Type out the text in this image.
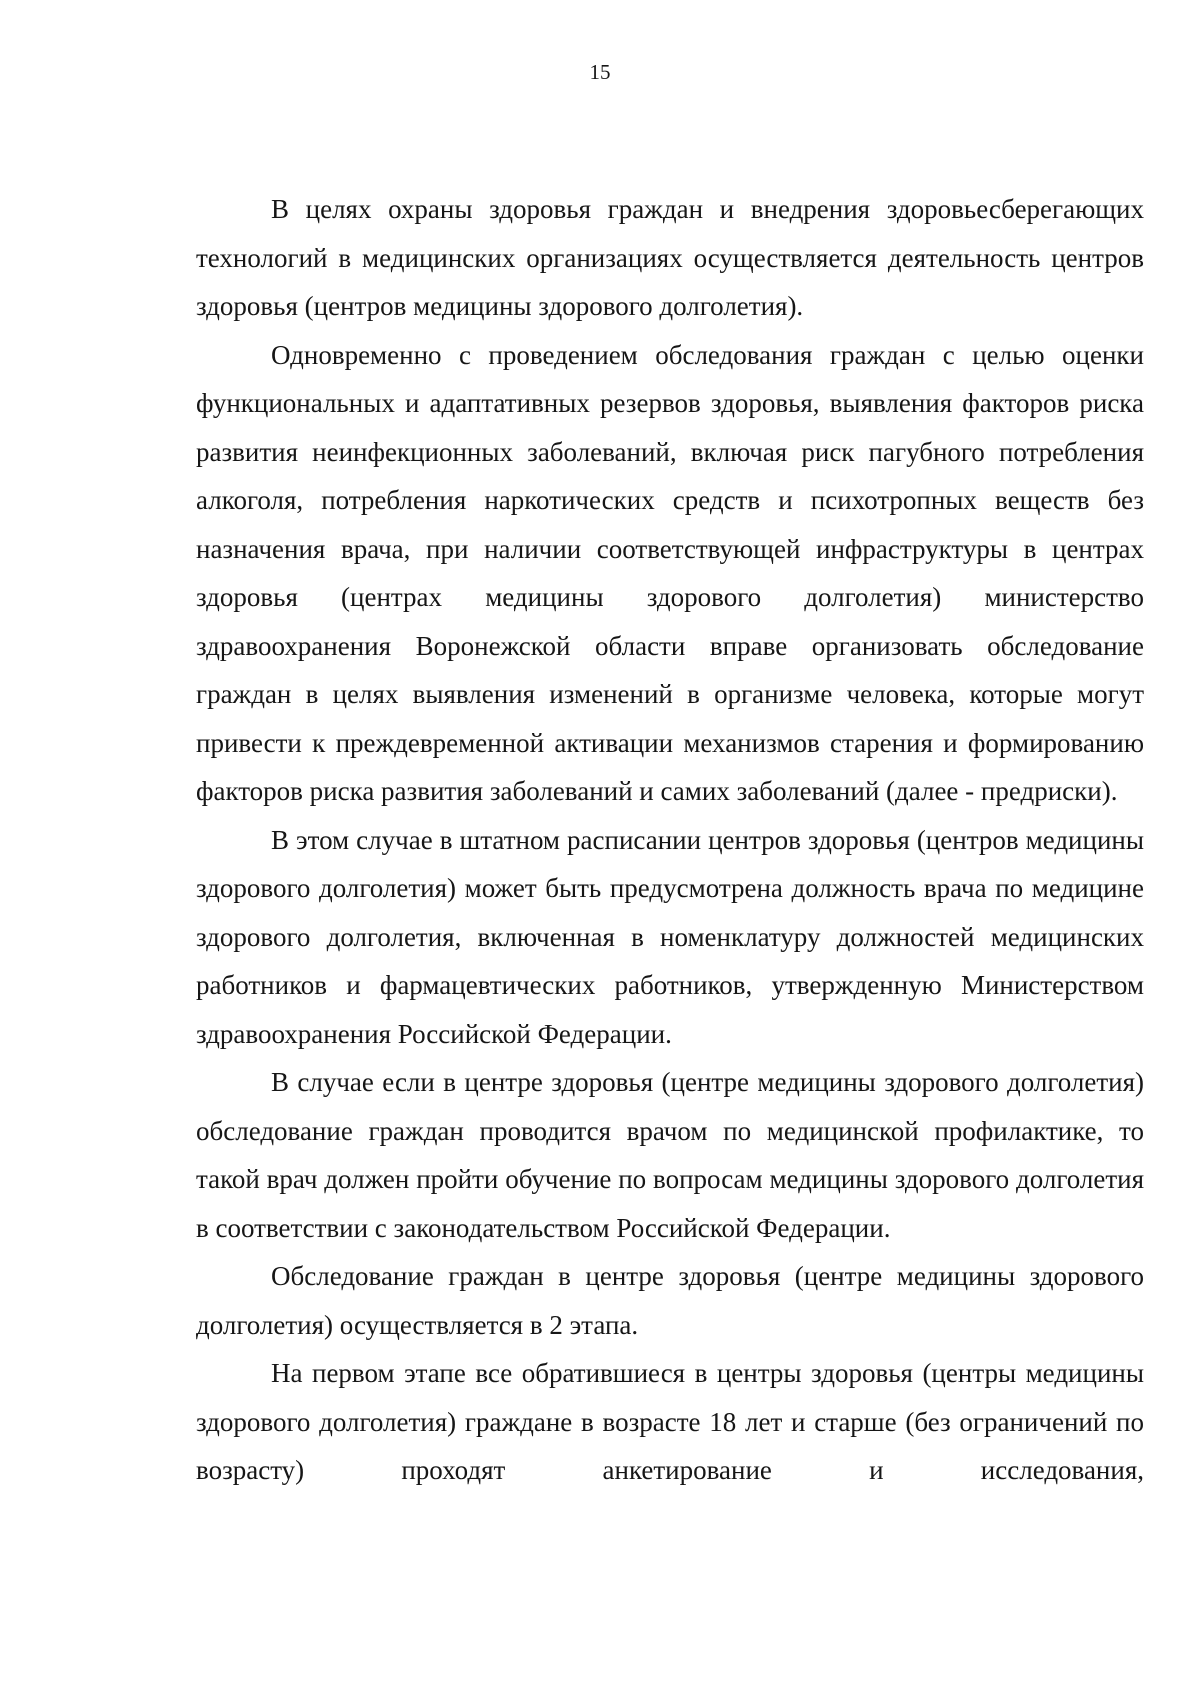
15

В целях охраны здоровья граждан и внедрения здоровьесберегающих технологий в медицинских организациях осуществляется деятельность центров здоровья (центров медицины здорового долголетия).

Одновременно с проведением обследования граждан с целью оценки функциональных и адаптативных резервов здоровья, выявления факторов риска развития неинфекционных заболеваний, включая риск пагубного потребления алкоголя, потребления наркотических средств и психотропных веществ без назначения врача, при наличии соответствующей инфраструктуры в центрах здоровья (центрах медицины здорового долголетия) министерство здравоохранения Воронежской области вправе организовать обследование граждан в целях выявления изменений в организме человека, которые могут привести к преждевременной активации механизмов старения и формированию факторов риска развития заболеваний и самих заболеваний (далее - предриски).

В этом случае в штатном расписании центров здоровья (центров медицины здорового долголетия) может быть предусмотрена должность врача по медицине здорового долголетия, включенная в номенклатуру должностей медицинских работников и фармацевтических работников, утвержденную Министерством здравоохранения Российской Федерации.

В случае если в центре здоровья (центре медицины здорового долголетия) обследование граждан проводится врачом по медицинской профилактике, то такой врач должен пройти обучение по вопросам медицины здорового долголетия в соответствии с законодательством Российской Федерации.

Обследование граждан в центре здоровья (центре медицины здорового долголетия) осуществляется в 2 этапа.

На первом этапе все обратившиеся в центры здоровья (центры медицины здорового долголетия) граждане в возрасте 18 лет и старше (без ограничений по возрасту) проходят анкетирование и исследования,
